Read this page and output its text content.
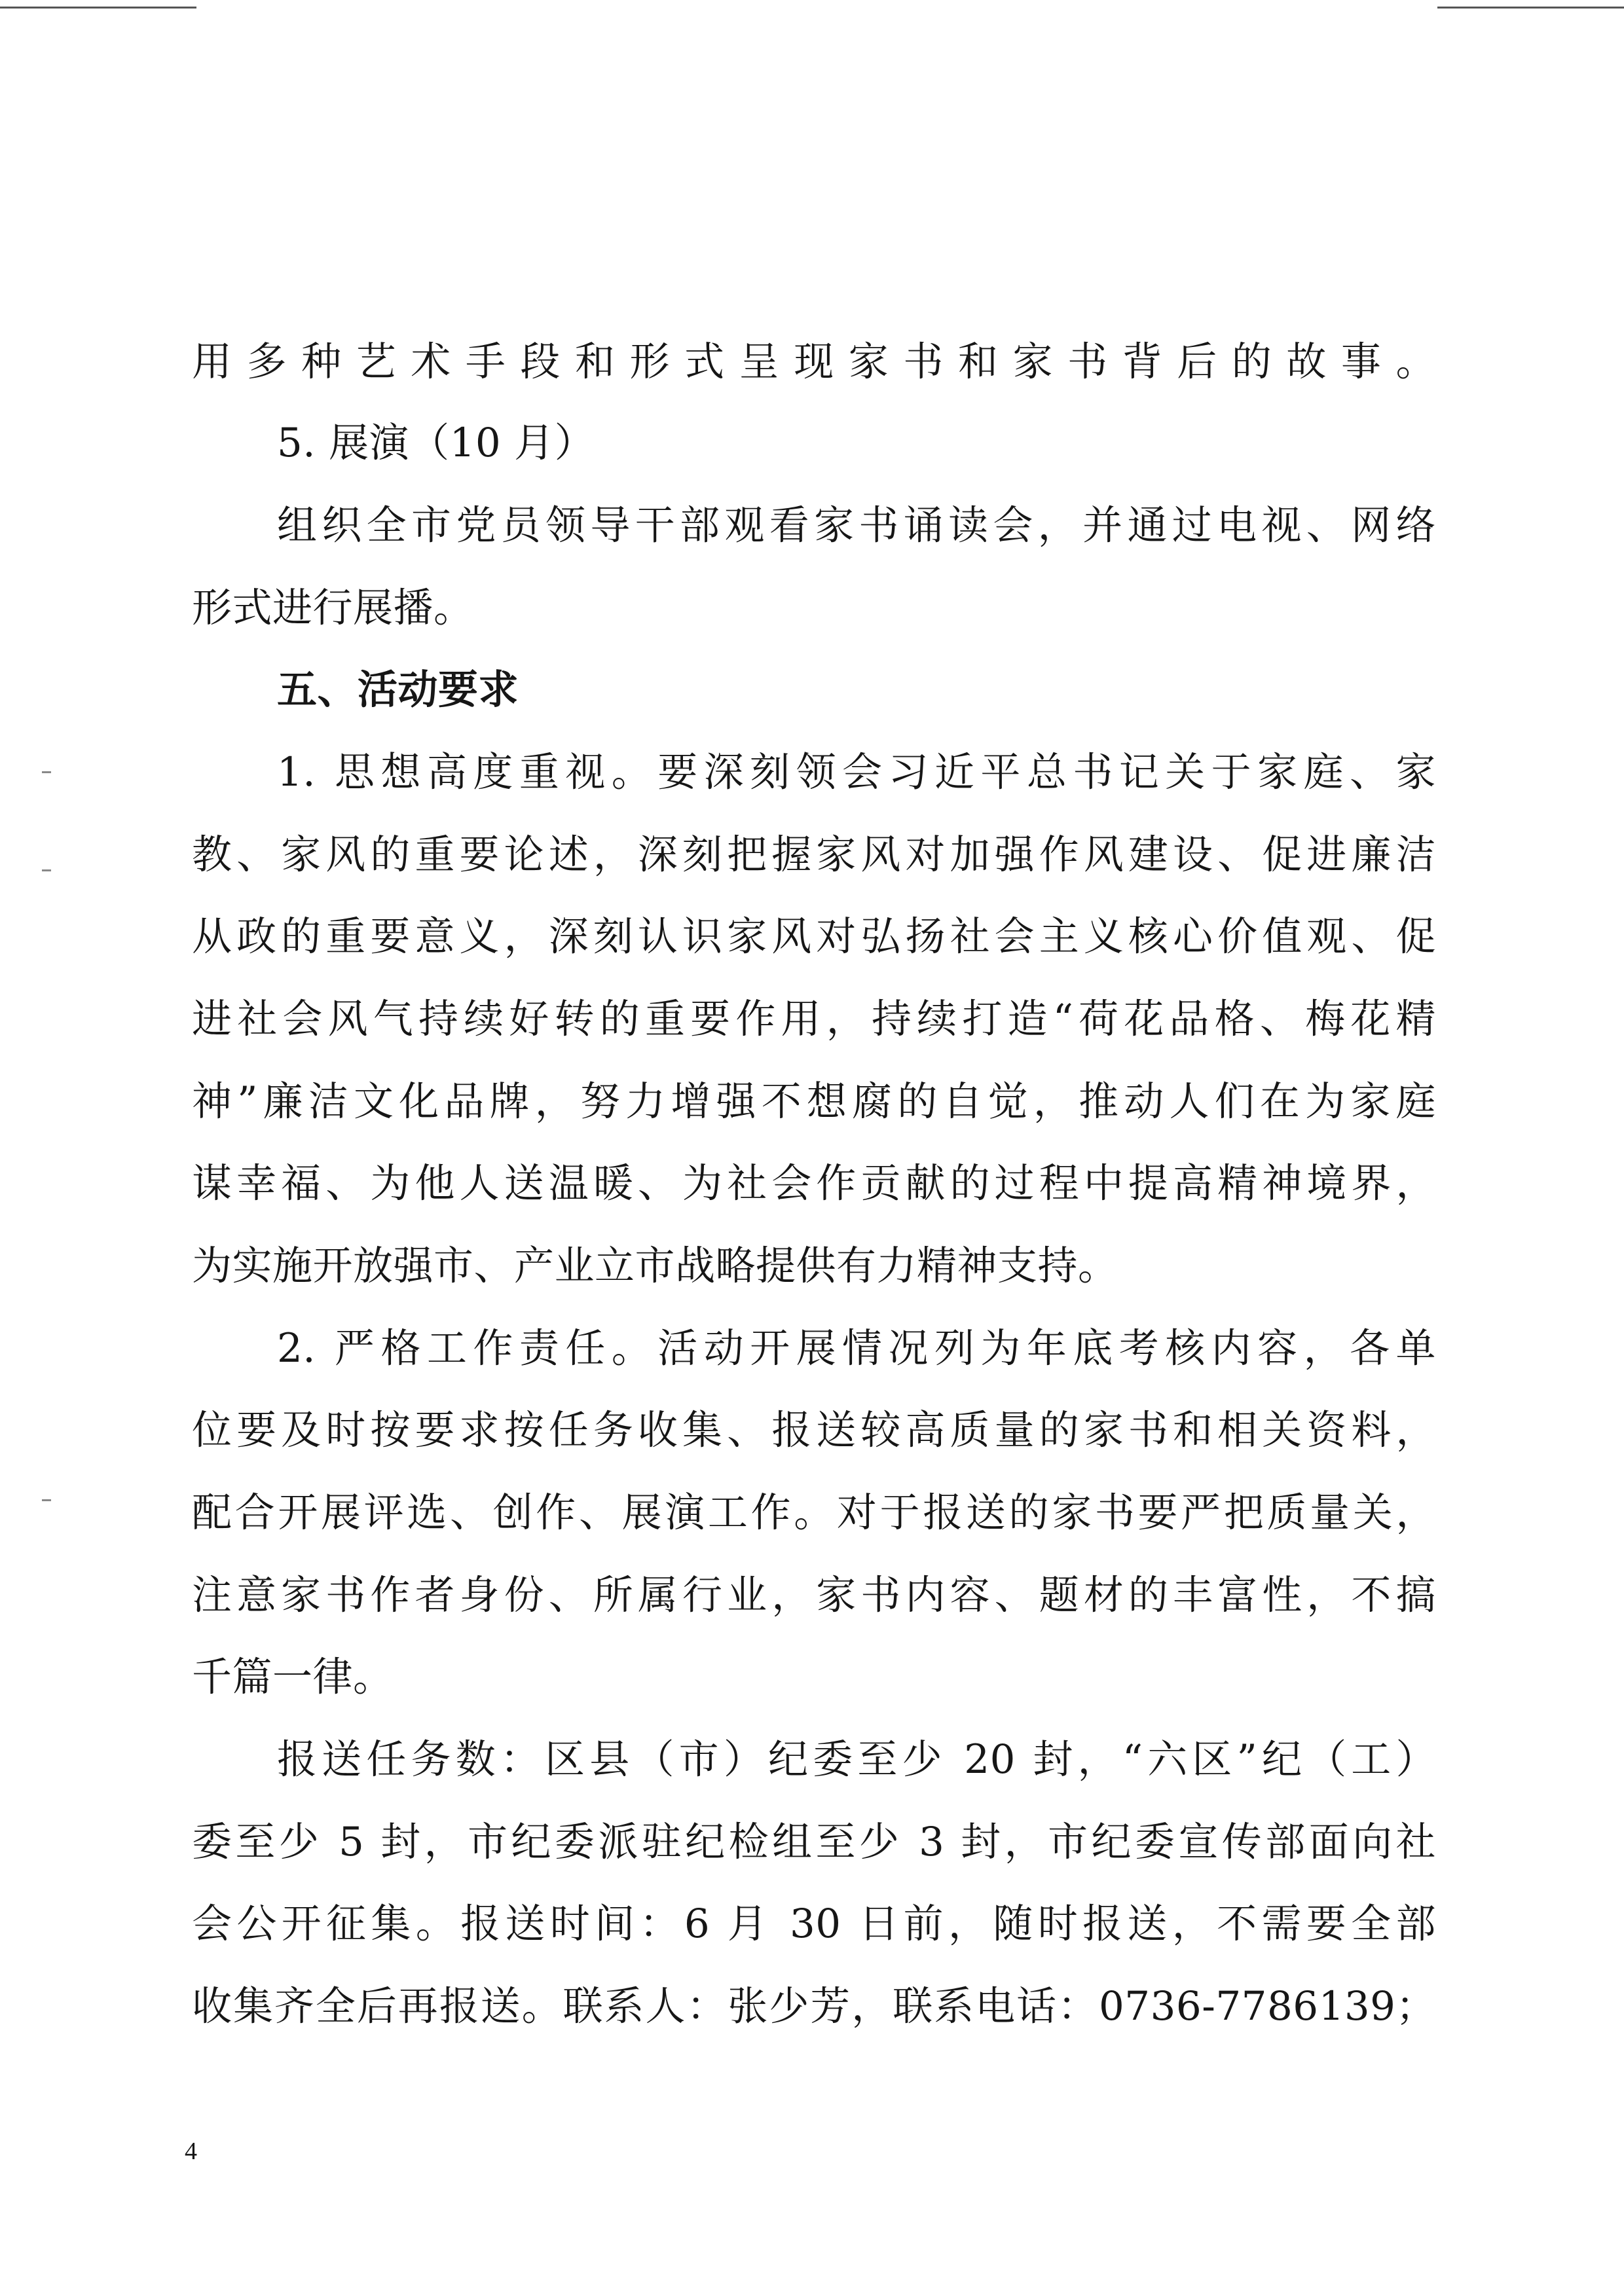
用多种艺术手段和形式呈现家书和家书背后的故事。
5. 展演（10 月）
组织全市党员领导干部观看家书诵读会，并通过电视、网络
形式进行展播。
五、活动要求
1. 思想高度重视。要深刻领会习近平总书记关于家庭、家
教、家风的重要论述，深刻把握家风对加强作风建设、促进廉洁
从政的重要意义，深刻认识家风对弘扬社会主义核心价值观、促
进社会风气持续好转的重要作用，持续打造“荷花品格、梅花精
神”廉洁文化品牌，努力增强不想腐的自觉，推动人们在为家庭
谋幸福、为他人送温暖、为社会作贡献的过程中提高精神境界，
为实施开放强市、产业立市战略提供有力精神支持。
2. 严格工作责任。活动开展情况列为年底考核内容，各单
位要及时按要求按任务收集、报送较高质量的家书和相关资料，
配合开展评选、创作、展演工作。对于报送的家书要严把质量关，
注意家书作者身份、所属行业，家书内容、题材的丰富性，不搞
千篇一律。
报送任务数：区县（市）纪委至少 20 封，“六区”纪（工）
委至少 5 封，市纪委派驻纪检组至少 3 封，市纪委宣传部面向社
会公开征集。报送时间：6 月 30 日前，随时报送，不需要全部
收集齐全后再报送。联系人：张少芳，联系电话：0736-7786139；
4
